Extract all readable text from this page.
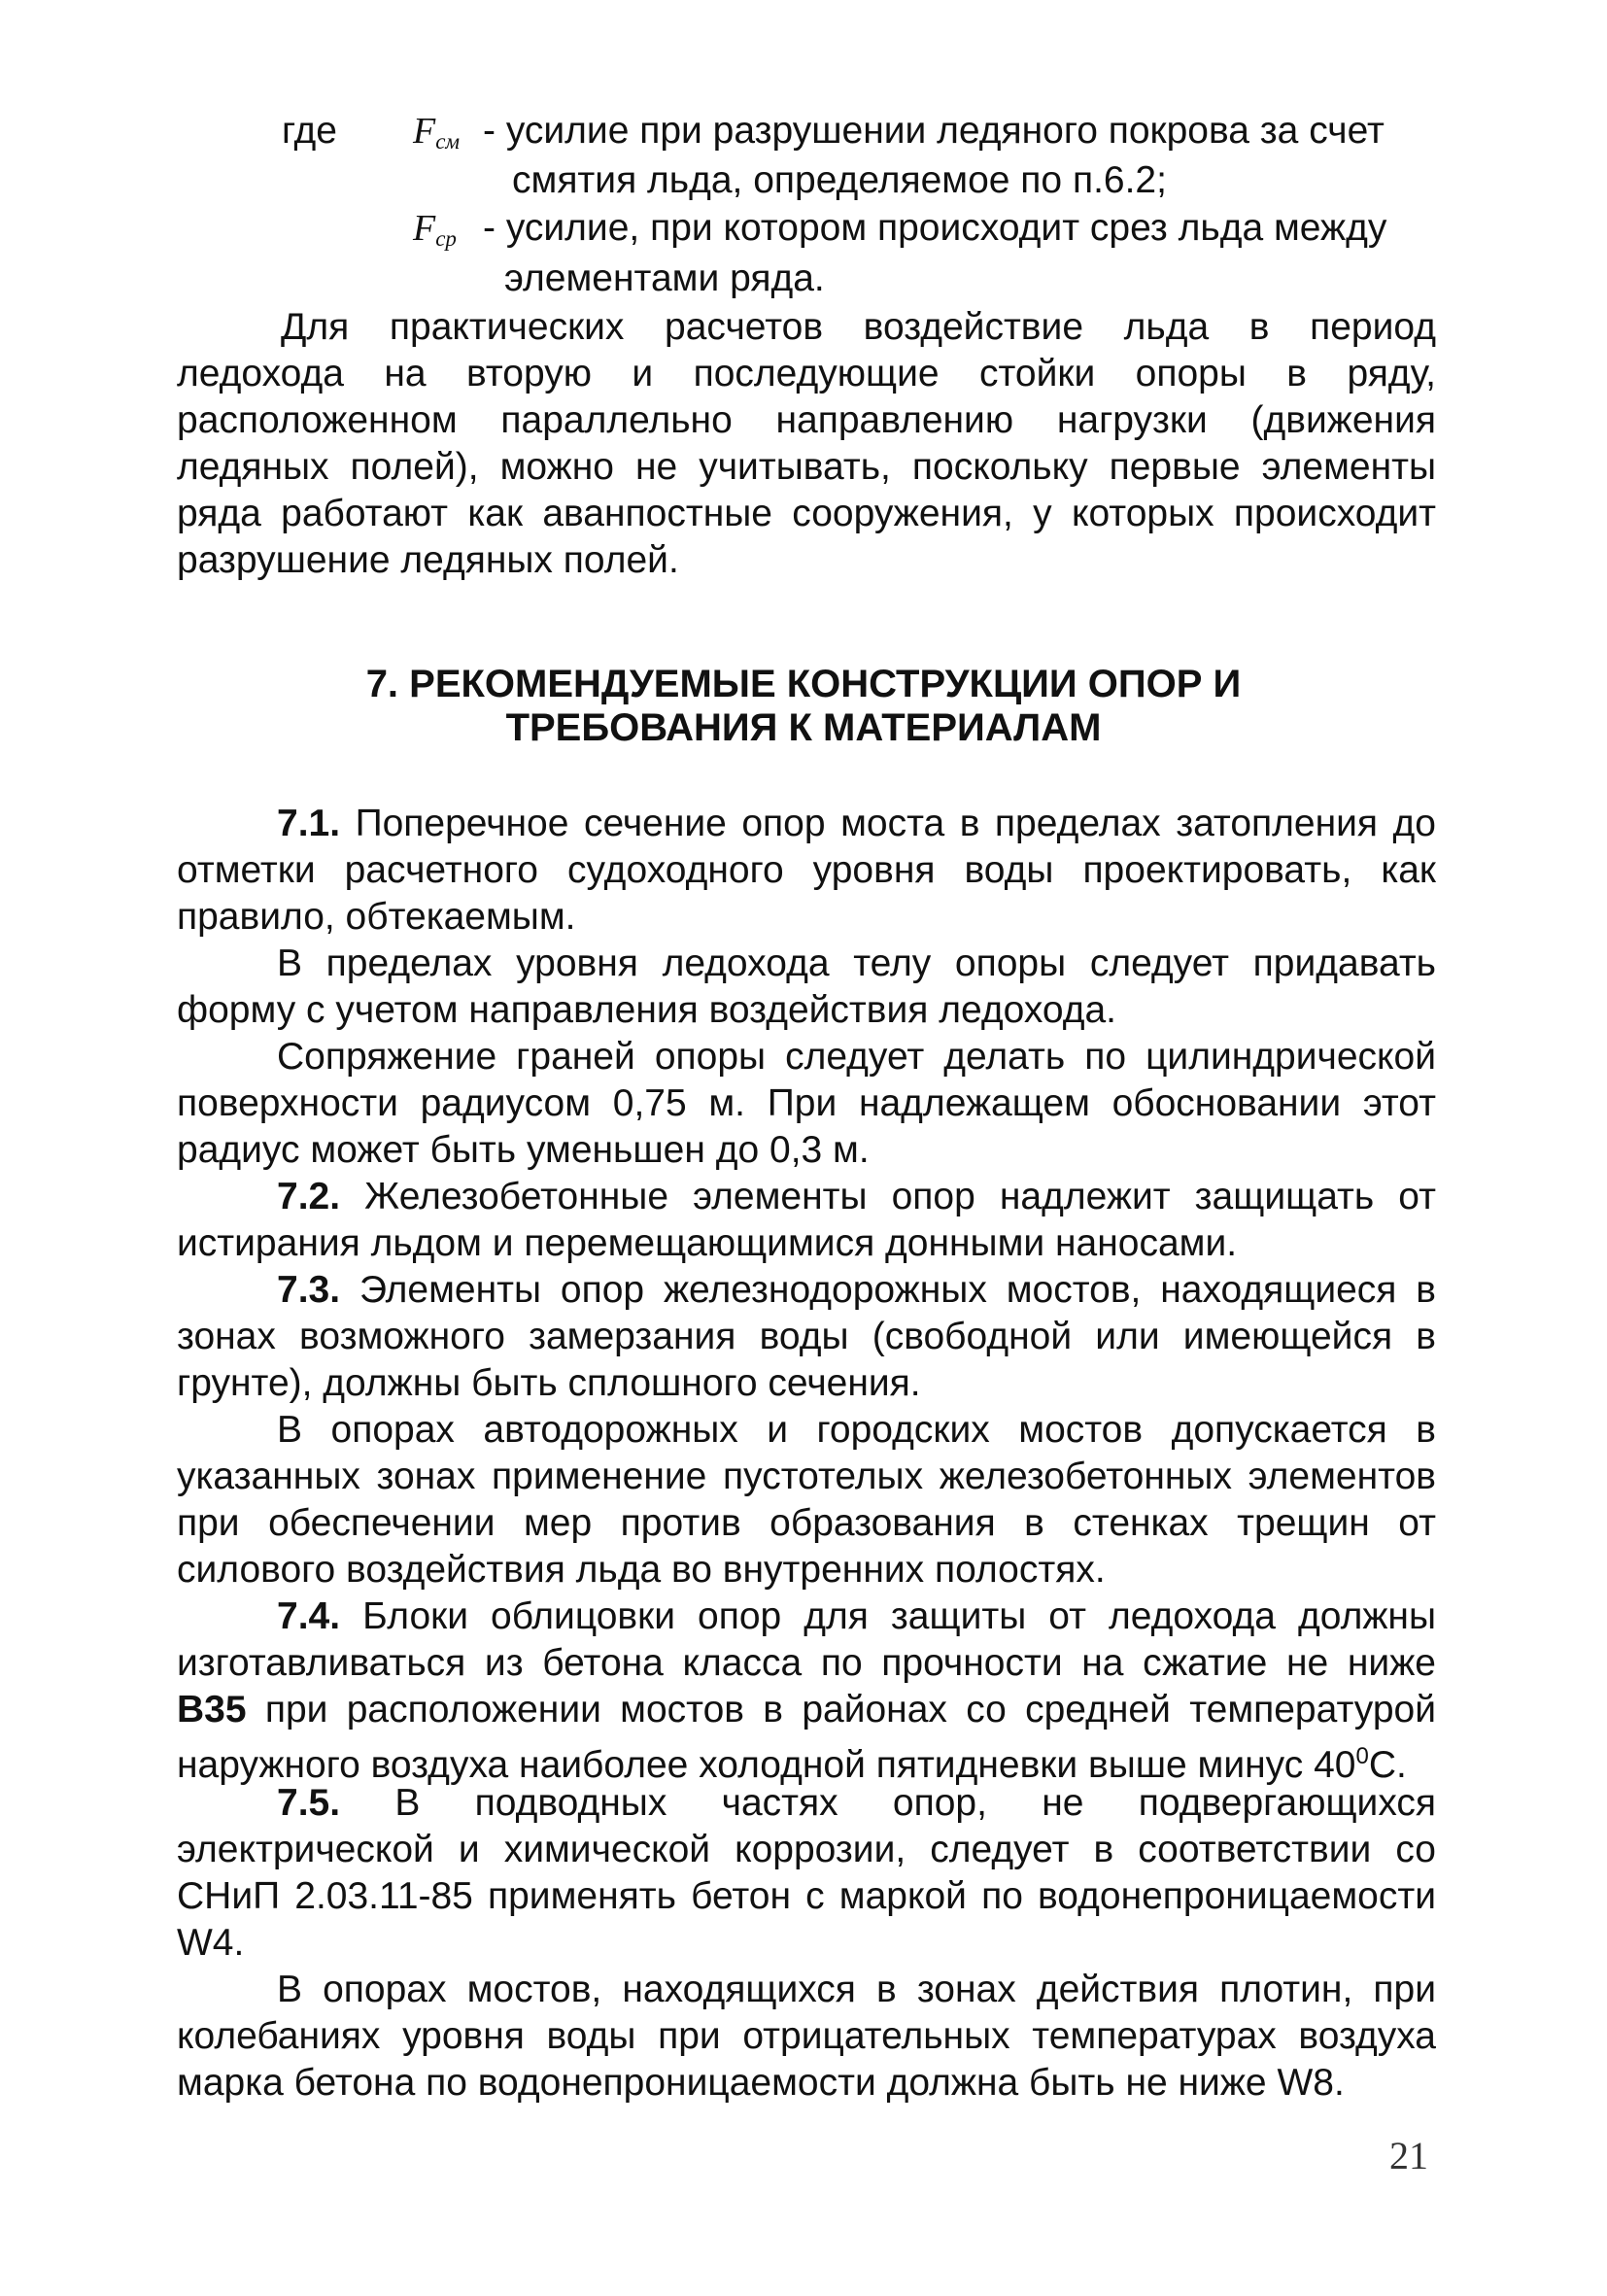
где $F_{см}$ - усилие при разрушении ледяного покрова за счет
смятия льда, определяемое по п.6.2;
$F_{ср}$ - усилие, при котором происходит срез льда между
элементами ряда.
Для практических расчетов воздействие льда в период
ледохода на вторую и последующие стойки опоры в ряду,
расположенном параллельно направлению нагрузки (движения
ледяных полей), можно не учитывать, поскольку первые элементы
ряда работают как аванпостные сооружения, у которых происходит
разрушение ледяных полей.
7. РЕКОМЕНДУЕМЫЕ КОНСТРУКЦИИ ОПОР И
ТРЕБОВАНИЯ К МАТЕРИАЛАМ
7.1. Поперечное сечение опор моста в пределах затопления до
отметки расчетного судоходного уровня воды проектировать, как
правило, обтекаемым.
В пределах уровня ледохода телу опоры следует придавать
форму с учетом направления воздействия ледохода.
Сопряжение граней опоры следует делать по цилиндрической
поверхности радиусом 0,75 м. При надлежащем обосновании этот
радиус может быть уменьшен до 0,3 м.
7.2. Железобетонные элементы опор надлежит защищать от
истирания льдом и перемещающимися донными наносами.
7.3. Элементы опор железнодорожных мостов, находящиеся в
зонах возможного замерзания воды (свободной или имеющейся в
грунте), должны быть сплошного сечения.
В опорах автодорожных и городских мостов допускается в
указанных зонах применение пустотелых железобетонных элементов
при обеспечении мер против образования в стенках трещин от
силового воздействия льда во внутренних полостях.
7.4. Блоки облицовки опор для защиты от ледохода должны
изготавливаться из бетона класса по прочности на сжатие не ниже
В35 при расположении мостов в районах со средней температурой
наружного воздуха наиболее холодной пятидневки выше минус $40^0С$.
7.5. В подводных частях опор, не подвергающихся
электрической и химической коррозии, следует в соответствии со
СНиП 2.03.11-85 применять бетон с маркой по водонепроницаемости
W4.
В опорах мостов, находящихся в зонах действия плотин, при
колебаниях уровня воды при отрицательных температурах воздуха
марка бетона по водонепроницаемости должна быть не ниже W8.
21
